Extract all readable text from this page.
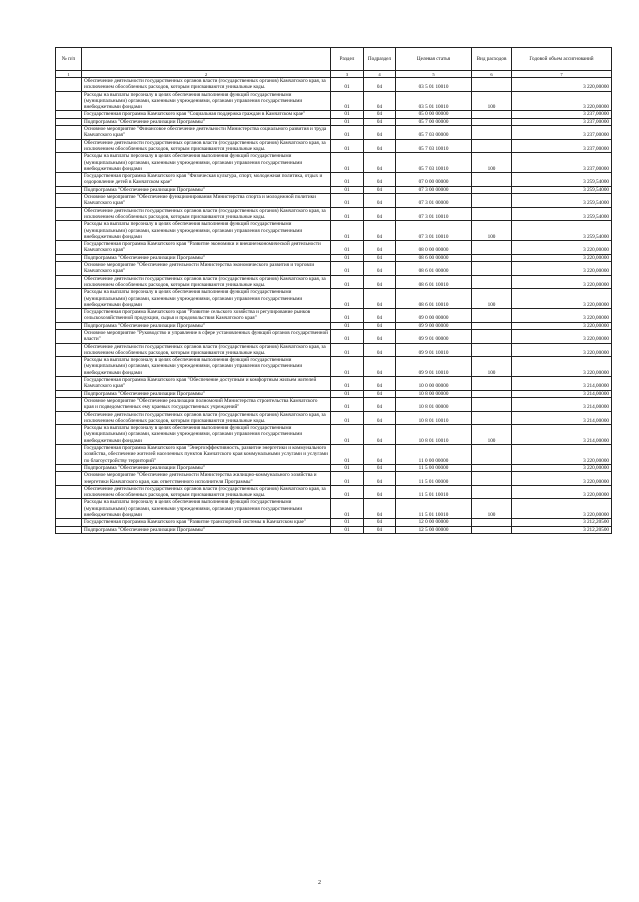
№ п/п		Раздел	Подраздел	Целевая статья	Вид расходов	Годовой объем ассигнований
1	2	3	4	5	6	7
	Обеспечение деятельности государственных органов власти (государственных органов) Камчатского края, за исключением обособленных расходов, которым присваиваются уникальные коды.	01	04	03 5 01 10010		3 220,00000
	Расходы на выплаты персоналу в целях обеспечения выполнения функций государственными (муниципальными) органами, казенными учреждениями, органами управления государственными внебюджетными фондами	01	04	03 5 01 10010	100	3 220,00000
	Государственная программа Камчатского края "Социальная поддержка граждан в Камчатском крае"	01	04	05 0 00 00000		3 237,00000
	Подпрограмма "Обеспечение реализации Программы"	01	04	05 7 00 00000		3 237,00000
	Основное мероприятие "Финансовое обеспечение деятельности Министерства социального развития и труда Камчатского края"	01	04	05 7 03 00000		3 237,00000
	Обеспечение деятельности государственных органов власти (государственных органов) Камчатского края, за исключением обособленных расходов, которым присваиваются уникальные коды.	01	04	05 7 03 10010		3 237,00000
	Расходы на выплаты персоналу в целях обеспечения выполнения функций государственными (муниципальными) органами, казенными учреждениями, органами управления государственными внебюджетными фондами	01	04	05 7 03 10010	100	3 237,00000
	Государственная программа Камчатского края "Физическая культура, спорт, молодежная политика, отдых и оздоровление детей в Камчатском крае"	01	04	07 0 00 00000		3 259,54000
	Подпрограмма "Обеспечение реализации Программы"	01	04	07 3 00 00000		3 259,54000
	Основное мероприятие "Обеспечение функционирования Министерства спорта и молодежной политики Камчатского края"	01	04	07 3 01 00000		3 259,54000
	Обеспечение деятельности государственных органов власти (государственных органов) Камчатского края, за исключением обособленных расходов, которым присваиваются уникальные коды.	01	04	07 3 01 10010		3 259,54000
	Расходы на выплаты персоналу в целях обеспечения выполнения функций государственными (муниципальными) органами, казенными учреждениями, органами управления государственными внебюджетными фондами	01	04	07 3 01 10010	100	3 259,54000
	Государственная программа Камчатского края "Развитие экономики и внешнеэкономической деятельности Камчатского края"	01	04	08 0 00 00000		3 220,00000
	Подпрограмма "Обеспечение реализации Программы"	01	04	08 6 00 00000		3 220,00000
	Основное мероприятие "Обеспечение деятельности Министерства экономического развития и торговли Камчатского края"	01	04	08 6 01 00000		3 220,00000
	Обеспечение деятельности государственных органов власти (государственных органов) Камчатского края, за исключением обособленных расходов, которым присваиваются уникальные коды.	01	04	08 6 01 10010		3 220,00000
	Расходы на выплаты персоналу в целях обеспечения выполнения функций государственными (муниципальными) органами, казенными учреждениями, органами управления государственными внебюджетными фондами	01	04	08 6 01 10010	100	3 220,00000
	Государственная программа Камчатского края "Развитие сельского хозяйства и регулирование рынков сельскохозяйственной продукции, сырья и продовольствия Камчатского края"	01	04	09 0 00 00000		3 220,00000
	Подпрограмма "Обеспечение реализации Программы"	01	04	09 9 00 00000		3 220,00000
	Основное мероприятие "Руководство и управление в сфере установленных функций органов государственной власти"	01	04	09 9 01 00000		3 220,00000
	Обеспечение деятельности государственных органов власти (государственных органов) Камчатского края, за исключением обособленных расходов, которым присваиваются уникальные коды.	01	04	09 9 01 10010		3 220,00000
	Расходы на выплаты персоналу в целях обеспечения выполнения функций государственными (муниципальными) органами, казенными учреждениями, органами управления государственными внебюджетными фондами	01	04	09 9 01 10010	100	3 220,00000
	Государственная программа Камчатского края "Обеспечение доступным и комфортным жильем жителей Камчатского края"	01	04	10 0 00 00000		3 214,00000
	Подпрограмма "Обеспечение реализации Программы"	01	04	10 8 00 00000		3 214,00000
	Основное мероприятие "Обеспечение реализации полномочий Министерства строительства Камчатского края и подведомственных ему краевых государственных учреждений"	01	04	10 8 01 00000		3 214,00000
	Обеспечение деятельности государственных органов власти (государственных органов) Камчатского края, за исключением обособленных расходов, которым присваиваются уникальные коды.	01	04	10 8 01 10010		3 214,00000
	Расходы на выплаты персоналу в целях обеспечения выполнения функций государственными (муниципальными) органами, казенными учреждениями, органами управления государственными внебюджетными фондами	01	04	10 8 01 10010	100	3 214,00000
	Государственная программа Камчатского края "Энергоэффективность, развитие энергетики и коммунального хозяйства, обеспечение жителей населенных пунктов Камчатского края коммунальными услугами и услугами по благоустройству территорий"	01	04	11 0 00 00000		3 220,00000
	Подпрограмма "Обеспечение реализации Программы"	01	04	11 5 00 00000		3 220,00000
	Основное мероприятие "Обеспечение деятельности Министерства жилищно-коммунального хозяйства и энергетики Камчатского края, как ответственного исполнителя Программы"	01	04	11 5 01 00000		3 220,00000
	Обеспечение деятельности государственных органов власти (государственных органов) Камчатского края, за исключением обособленных расходов, которым присваиваются уникальные коды.	01	04	11 5 01 10010		3 220,00000
	Расходы на выплаты персоналу в целях обеспечения выполнения функций государственными (муниципальными) органами, казенными учреждениями, органами управления государственными внебюджетными фондами	01	04	11 5 01 10010	100	3 220,00000
	Государственная программа Камчатского края "Развитие транспортной системы в Камчатском крае"	01	04	12 0 00 00000		3 212,20500
	Подпрограмма "Обеспечение реализации Программы"	01	04	12 5 00 00000		3 212,20500
2
